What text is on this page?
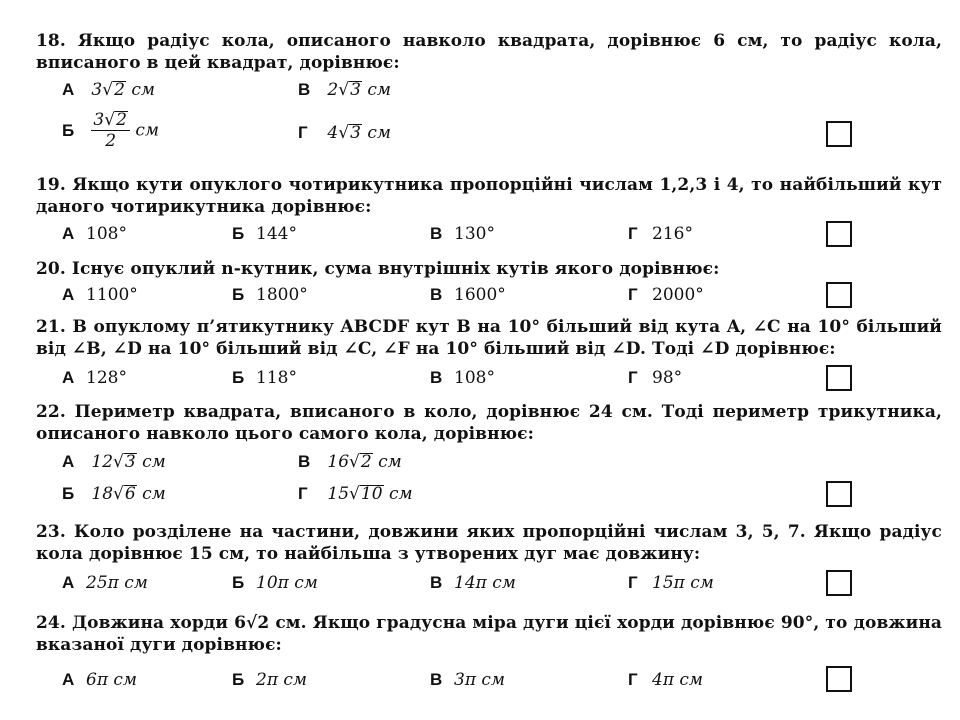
18. Якщо радіус кола, описаного навколо квадрата, дорівнює 6 см, то радіус кола, вписаного в цей квадрат, дорівнює:
А 3√2 см	В 2√3 см
Б $\frac{3√2}{2}$ см	Г 4√3 см
19. Якщо кути опуклого чотирикутника пропорційні числам 1,2,3 і 4, то найбільший кут даного чотирикутника дорівнює:
А 108°	Б 144°	В 130°	Г 216°
20. Існує опуклий n-кутник, сума внутрішніх кутів якого дорівнює:
А 1100°	Б 1800°	В 1600°	Г 2000°
21. В опуклому п’ятикутнику ABCDF кут B на 10° більший від кута A, ∠C на 10° більший від ∠B, ∠D на 10° більший від ∠C, ∠F на 10° більший від ∠D. Тоді ∠D дорівнює:
А 128°	Б 118°	В 108°	Г 98°
22. Периметр квадрата, вписаного в коло, дорівнює 24 см. Тоді периметр трикутника, описаного навколо цього самого кола, дорівнює:
А 12√3 см	В 16√2 см
Б 18√6 см	Г 15√10 см
23. Коло розділене на частини, довжини яких пропорційні числам 3, 5, 7. Якщо радіус кола дорівнює 15 см, то найбільша з утворених дуг має довжину:
А 25π см	Б 10π см	В 14π см	Г 15π см
24. Довжина хорди 6√2 см. Якщо градусна міра дуги цієї хорди дорівнює 90°, то довжина вказаної дуги дорівнює:
А 6π см	Б 2π см	В 3π см	Г 4π см
